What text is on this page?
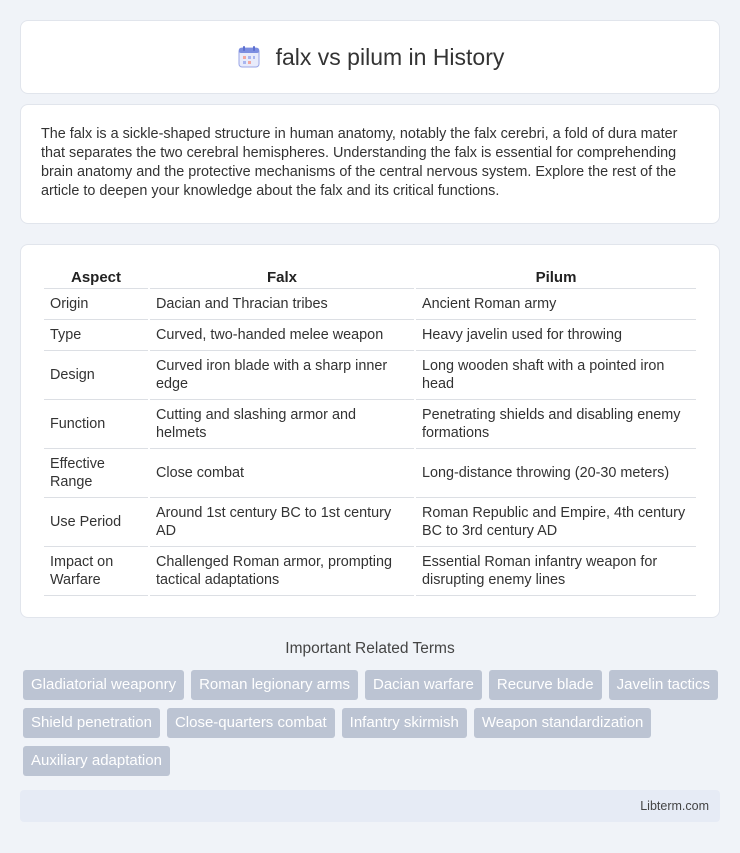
falx vs pilum in History

The falx is a sickle-shaped structure in human anatomy, notably the falx cerebri, a fold of dura mater that separates the two cerebral hemispheres. Understanding the falx is essential for comprehending brain anatomy and the protective mechanisms of the central nervous system. Explore the rest of the article to deepen your knowledge about the falx and its critical functions.

Aspect	Falx	Pilum
Origin	Dacian and Thracian tribes	Ancient Roman army
Type	Curved, two-handed melee weapon	Heavy javelin used for throwing
Design	Curved iron blade with a sharp inner edge	Long wooden shaft with a pointed iron head
Function	Cutting and slashing armor and helmets	Penetrating shields and disabling enemy formations
Effective Range	Close combat	Long-distance throwing (20-30 meters)
Use Period	Around 1st century BC to 1st century AD	Roman Republic and Empire, 4th century BC to 3rd century AD
Impact on Warfare	Challenged Roman armor, prompting tactical adaptations	Essential Roman infantry weapon for disrupting enemy lines
Important Related Terms
Gladiatorial weaponry	Roman legionary arms	Dacian warfare	Recurve blade	Javelin tactics
Shield penetration	Close-quarters combat	Infantry skirmish	Weapon standardization
Auxiliary adaptation
Libterm.com
